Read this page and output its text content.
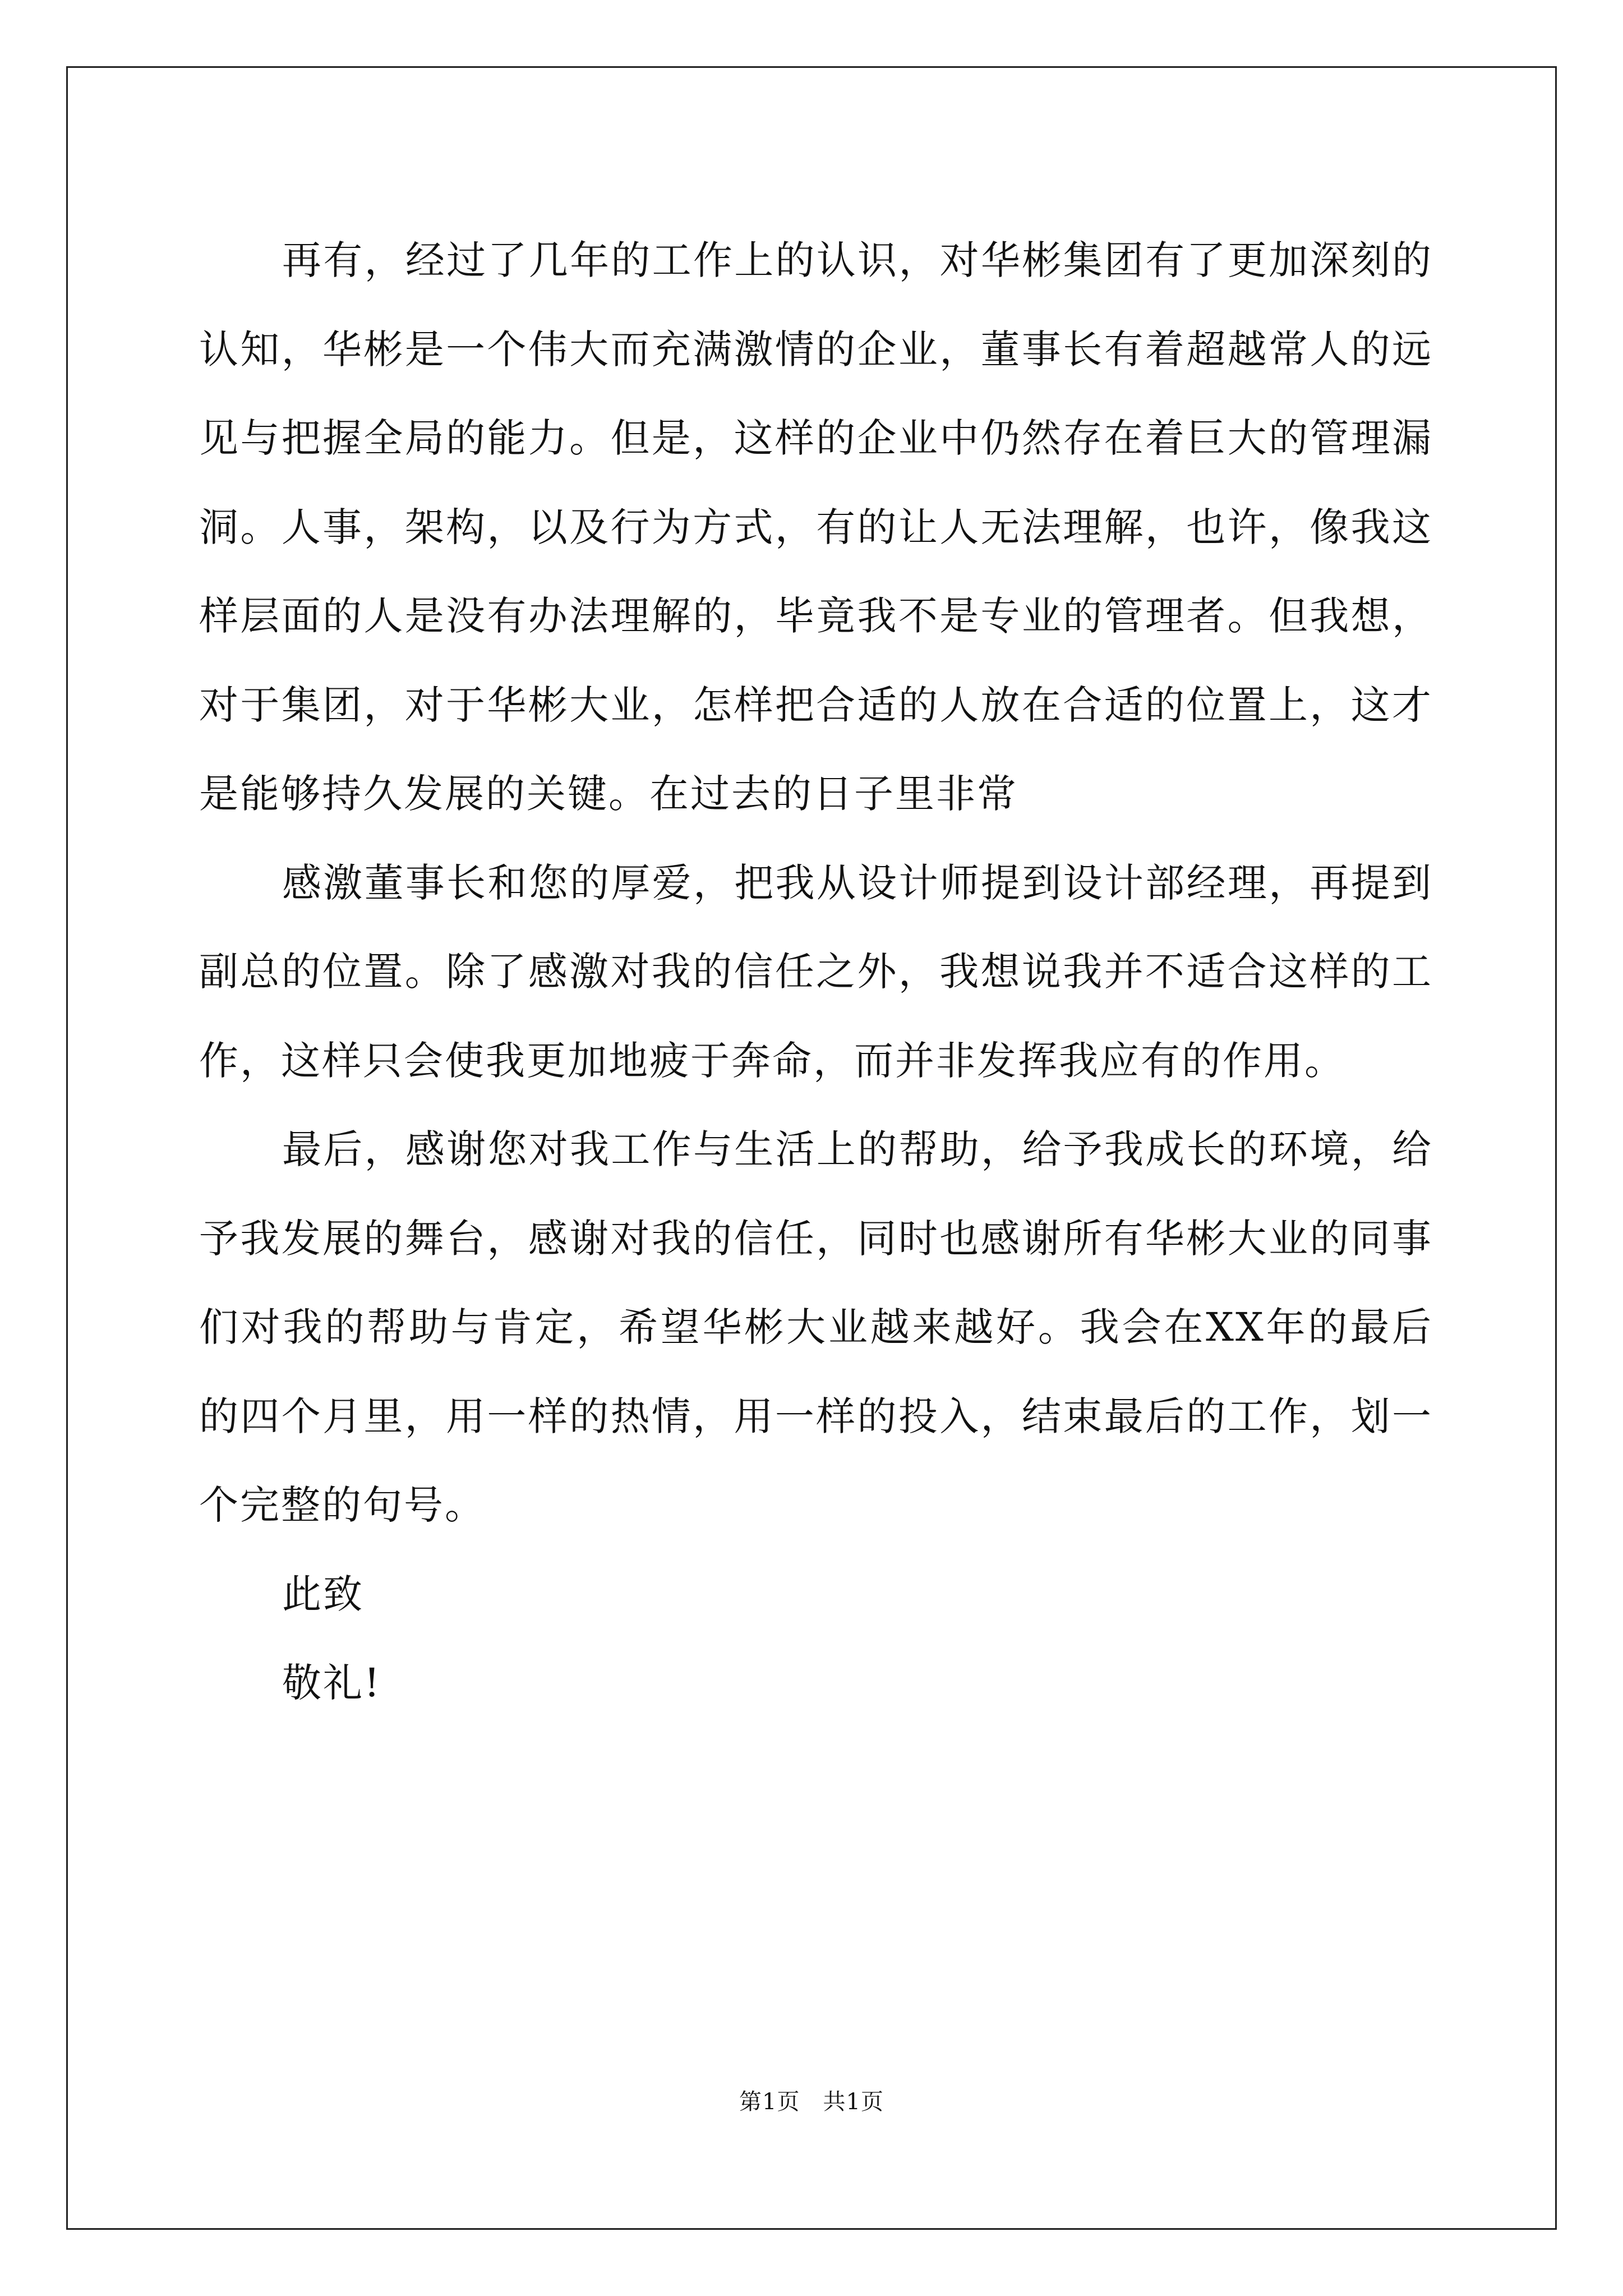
再有，经过了几年的工作上的认识，对华彬集团有了更加深刻的认知，华彬是一个伟大而充满激情的企业，董事长有着超越常人的远见与把握全局的能力。但是，这样的企业中仍然存在着巨大的管理漏洞。人事，架构，以及行为方式，有的让人无法理解，也许，像我这样层面的人是没有办法理解的，毕竟我不是专业的管理者。但我想，对于集团，对于华彬大业，怎样把合适的人放在合适的位置上，这才是能够持久发展的关键。在过去的日子里非常

感激董事长和您的厚爱，把我从设计师提到设计部经理，再提到副总的位置。除了感激对我的信任之外，我想说我并不适合这样的工作，这样只会使我更加地疲于奔命，而并非发挥我应有的作用。

最后，感谢您对我工作与生活上的帮助，给予我成长的环境，给予我发展的舞台，感谢对我的信任，同时也感谢所有华彬大业的同事们对我的帮助与肯定，希望华彬大业越来越好。我会在XX年的最后的四个月里，用一样的热情，用一样的投入，结束最后的工作，划一个完整的句号。

此致

敬礼!

第1页　共1页
